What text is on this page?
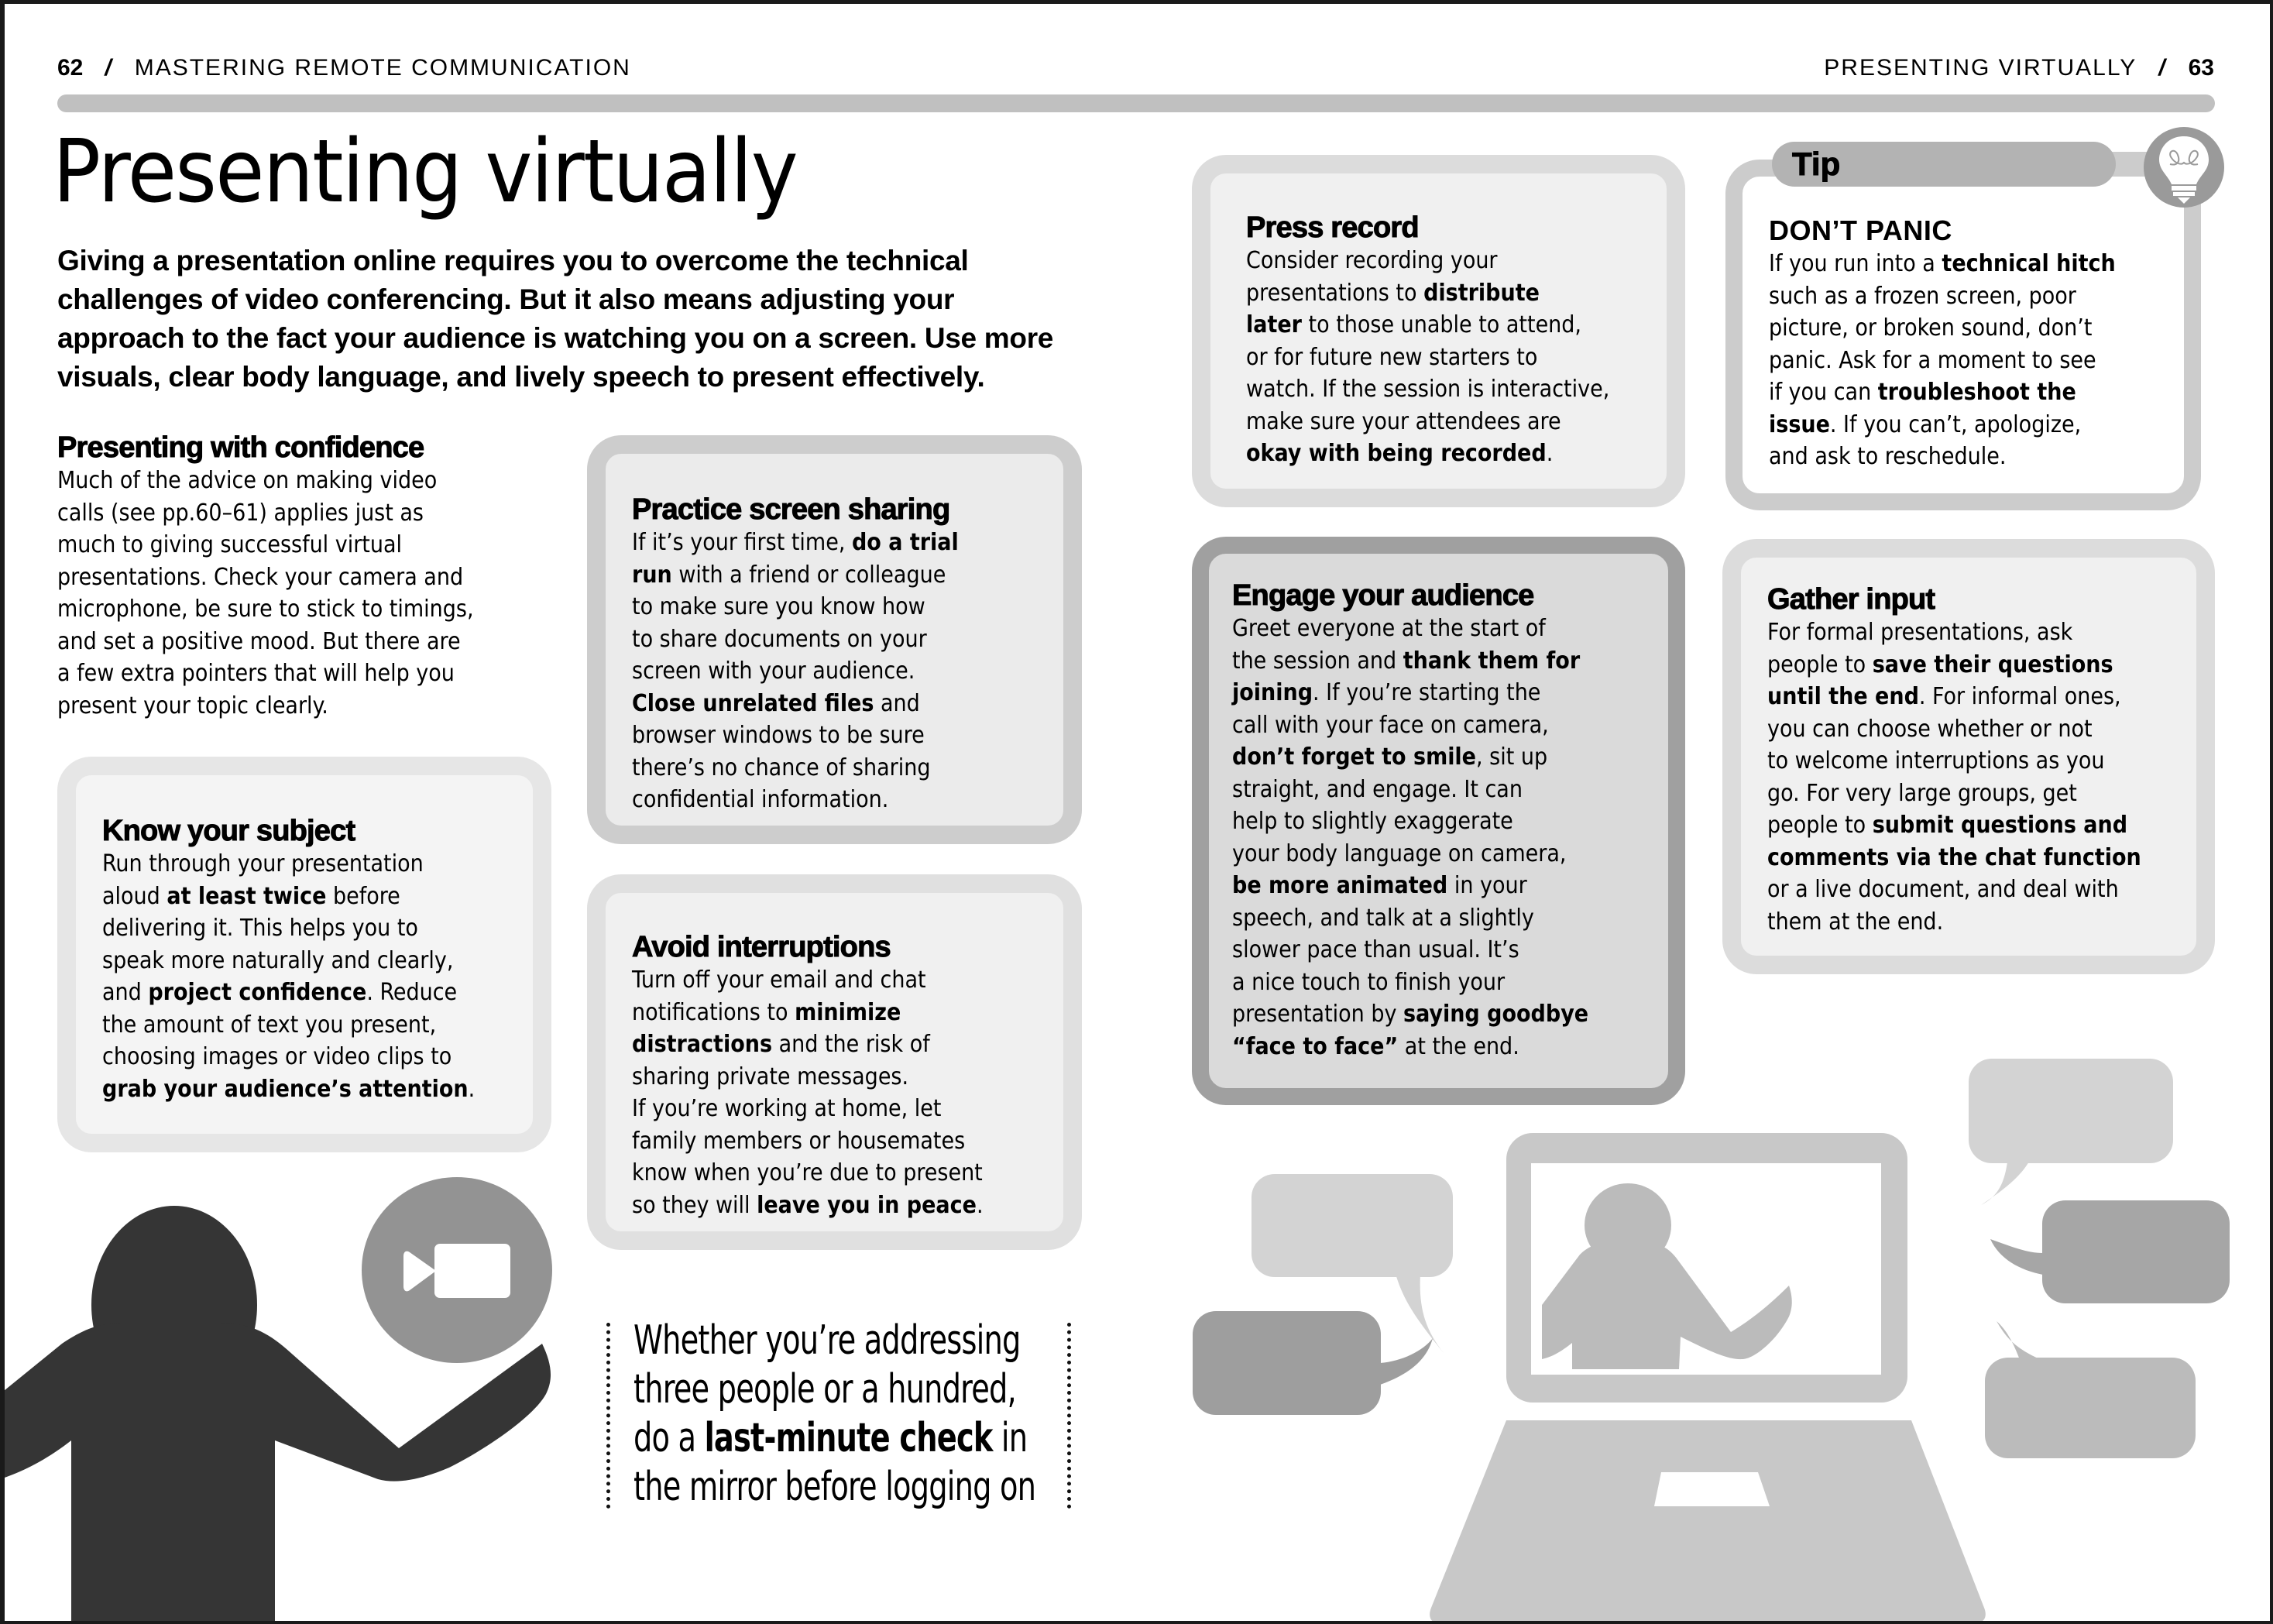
62 / MASTERING REMOTE COMMUNICATION	PRESENTING VIRTUALLY / 63
Presenting virtually

Giving a presentation online requires you to overcome the technical

challenges of video conferencing. But it also means adjusting your

approach to the fact your audience is watching you on a screen. Use more

visuals, clear body language, and lively speech to present effectively.

Presenting with confidence

Much of the advice on making video
calls (see pp.60–61) applies just as
much to giving successful virtual
presentations. Check your camera and
microphone, be sure to stick to timings,
and set a positive mood. But there are
a few extra pointers that will help you
present your topic clearly.

Know your subject

Run through your presentation
aloud at least twice before
delivering it. This helps you to
speak more naturally and clearly,
and project confidence. Reduce
the amount of text you present,
choosing images or video clips to
grab your audience’s attention.

Practice screen sharing

If it’s your first time, do a trial
run with a friend or colleague
to make sure you know how
to share documents on your
screen with your audience.
Close unrelated files and
browser windows to be sure
there’s no chance of sharing
confidential information.

Avoid interruptions

Turn off your email and chat
notifications to minimize
distractions and the risk of
sharing private messages.
If you’re working at home, let
family members or housemates
know when you’re due to present
so they will leave you in peace.

Press record

Consider recording your
presentations to distribute
later to those unable to attend,
or for future new starters to
watch. If the session is interactive,
make sure your attendees are
okay with being recorded.

DON’T PANIC

If you run into a technical hitch
such as a frozen screen, poor
picture, or broken sound, don’t
panic. Ask for a moment to see
if you can troubleshoot the
issue. If you can’t, apologize,
and ask to reschedule.

Tip
Engage your audience

Greet everyone at the start of
the session and thank them for
joining. If you’re starting the
call with your face on camera,
don’t forget to smile, sit up
straight, and engage. It can
help to slightly exaggerate
your body language on camera,
be more animated in your
speech, and talk at a slightly
slower pace than usual. It’s
a nice touch to finish your
presentation by saying goodbye
“face to face” at the end.

Gather input

For formal presentations, ask
people to save their questions
until the end. For informal ones,
you can choose whether or not
to welcome interruptions as you
go. For very large groups, get
people to submit questions and
comments via the chat function
or a live document, and deal with
them at the end.

Whether you’re addressing
three people or a hundred,
do a last-minute check in
the mirror before logging on
